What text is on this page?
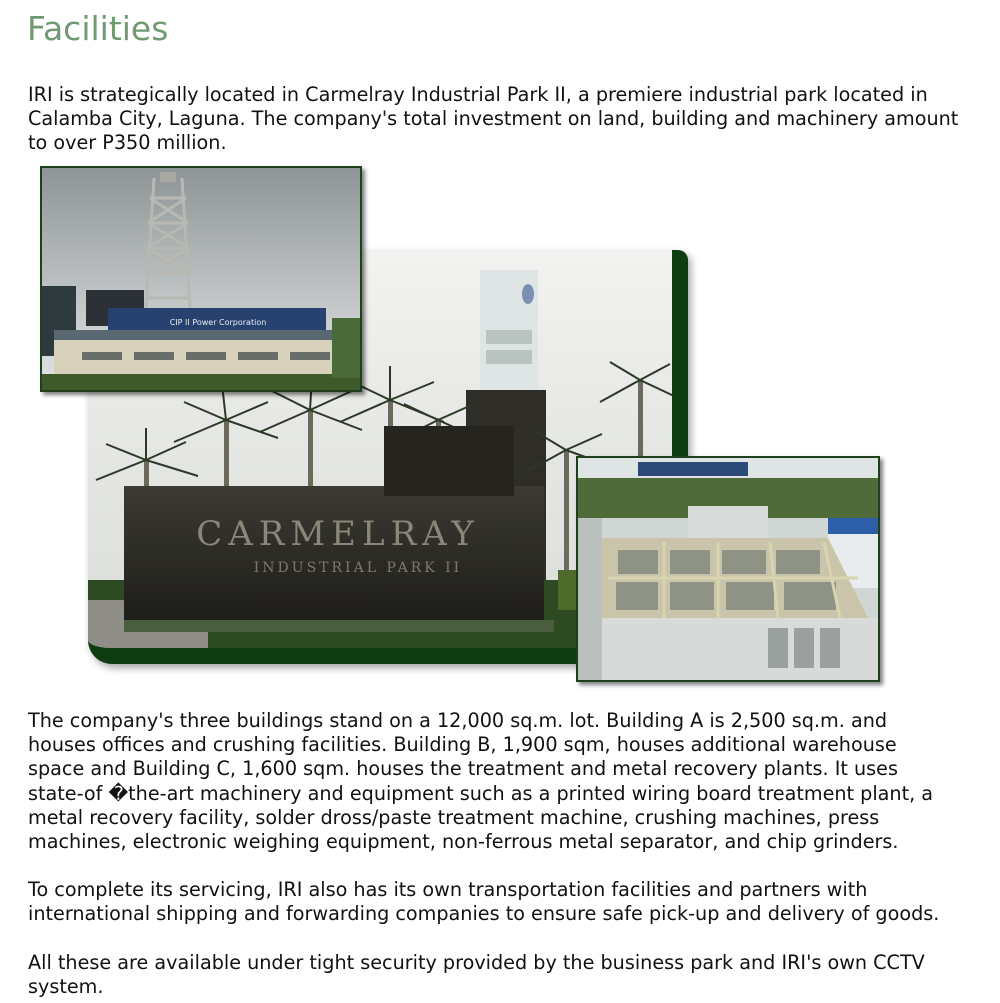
Facilities

IRI is strategically located in Carmelray Industrial Park II, a premiere industrial park located in
Calamba City, Laguna. The company's total investment on land, building and machinery amount
to over P350 million.

CARMELRAY
INDUSTRIAL PARK II
CIP II Power Corporation

The company's three buildings stand on a 12,000 sq.m. lot. Building A is 2,500 sq.m. and
houses offices and crushing facilities. Building B, 1,900 sqm, houses additional warehouse
space and Building C, 1,600 sqm. houses the treatment and metal recovery plants. It uses
state-of �the-art machinery and equipment such as a printed wiring board treatment plant, a
metal recovery facility, solder dross/paste treatment machine, crushing machines, press
machines, electronic weighing equipment, non-ferrous metal separator, and chip grinders.

To complete its servicing, IRI also has its own transportation facilities and partners with
international shipping and forwarding companies to ensure safe pick-up and delivery of goods.

All these are available under tight security provided by the business park and IRI's own CCTV
system.
